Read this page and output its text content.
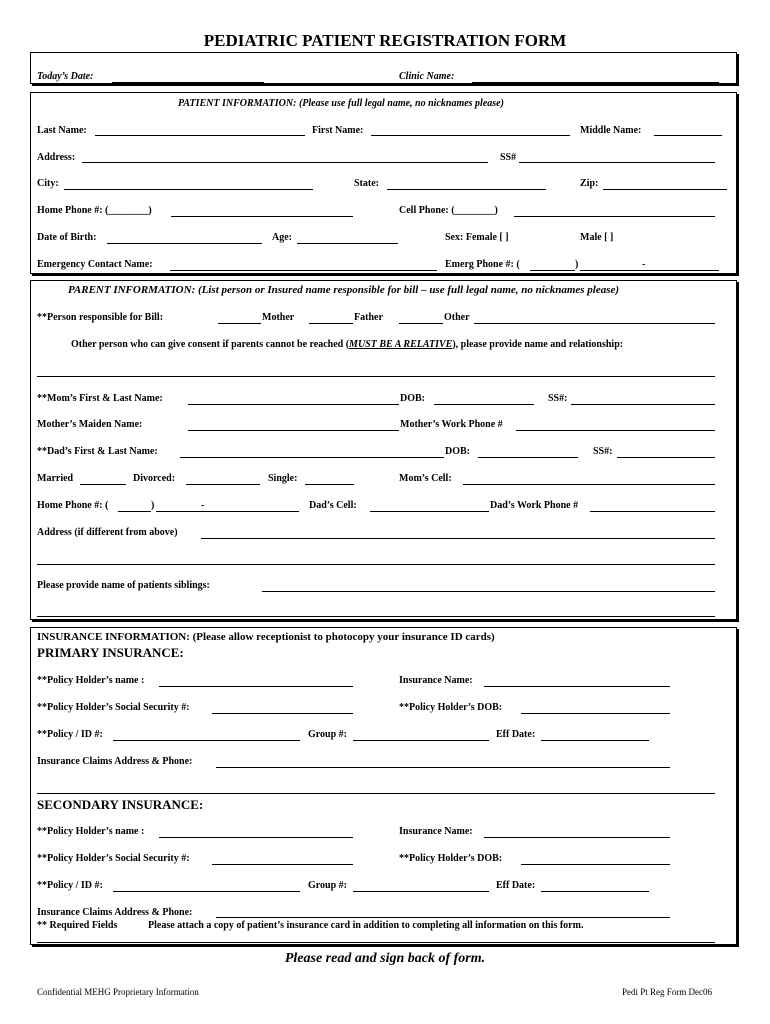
PEDIATRIC PATIENT REGISTRATION FORM
Today’s Date:	Clinic Name:
PATIENT INFORMATION: (Please use full legal name, no nicknames please)
Last Name:	First Name:	Middle Name:
Address:	SS#
City:	State:	Zip:
Home Phone #: (________)	Cell Phone: (________)
Date of Birth:	Age:	Sex: Female [ ]	Male [ ]
Emergency Contact Name:	Emerg Phone #: (	)	-
PARENT INFORMATION: (List person or Insured name responsible for bill – use full legal name, no nicknames please)
**Person responsible for Bill:	Mother	Father	Other
Other person who can give consent if parents cannot be reached (MUST BE A RELATIVE), please provide name and relationship:
**Mom’s First & Last Name:	DOB:	SS#:
Mother’s Maiden Name:	Mother’s Work Phone #
**Dad’s First & Last Name:	DOB:	SS#:
Married	Divorced:	Single:	Mom’s Cell:
Home Phone #: (	)	-	Dad’s Cell:	Dad’s Work Phone #
Address (if different from above)
Please provide name of patients siblings:
INSURANCE INFORMATION: (Please allow receptionist to photocopy your insurance ID cards)
PRIMARY INSURANCE:
**Policy Holder’s name :	Insurance Name:
**Policy Holder’s Social Security #:	**Policy Holder’s DOB:
**Policy / ID #:	Group #:	Eff Date:
Insurance Claims Address & Phone:
SECONDARY INSURANCE:
**Policy Holder’s name :	Insurance Name:
**Policy Holder’s Social Security #:	**Policy Holder’s DOB:
**Policy / ID #:	Group #:	Eff Date:
Insurance Claims Address & Phone:
** Required Fields	Please attach a copy of patient’s insurance card in addition to completing all information on this form.
Please read and sign back of form.
Confidential MEHG Proprietary Information	Pedi Pt Reg Form Dec06
